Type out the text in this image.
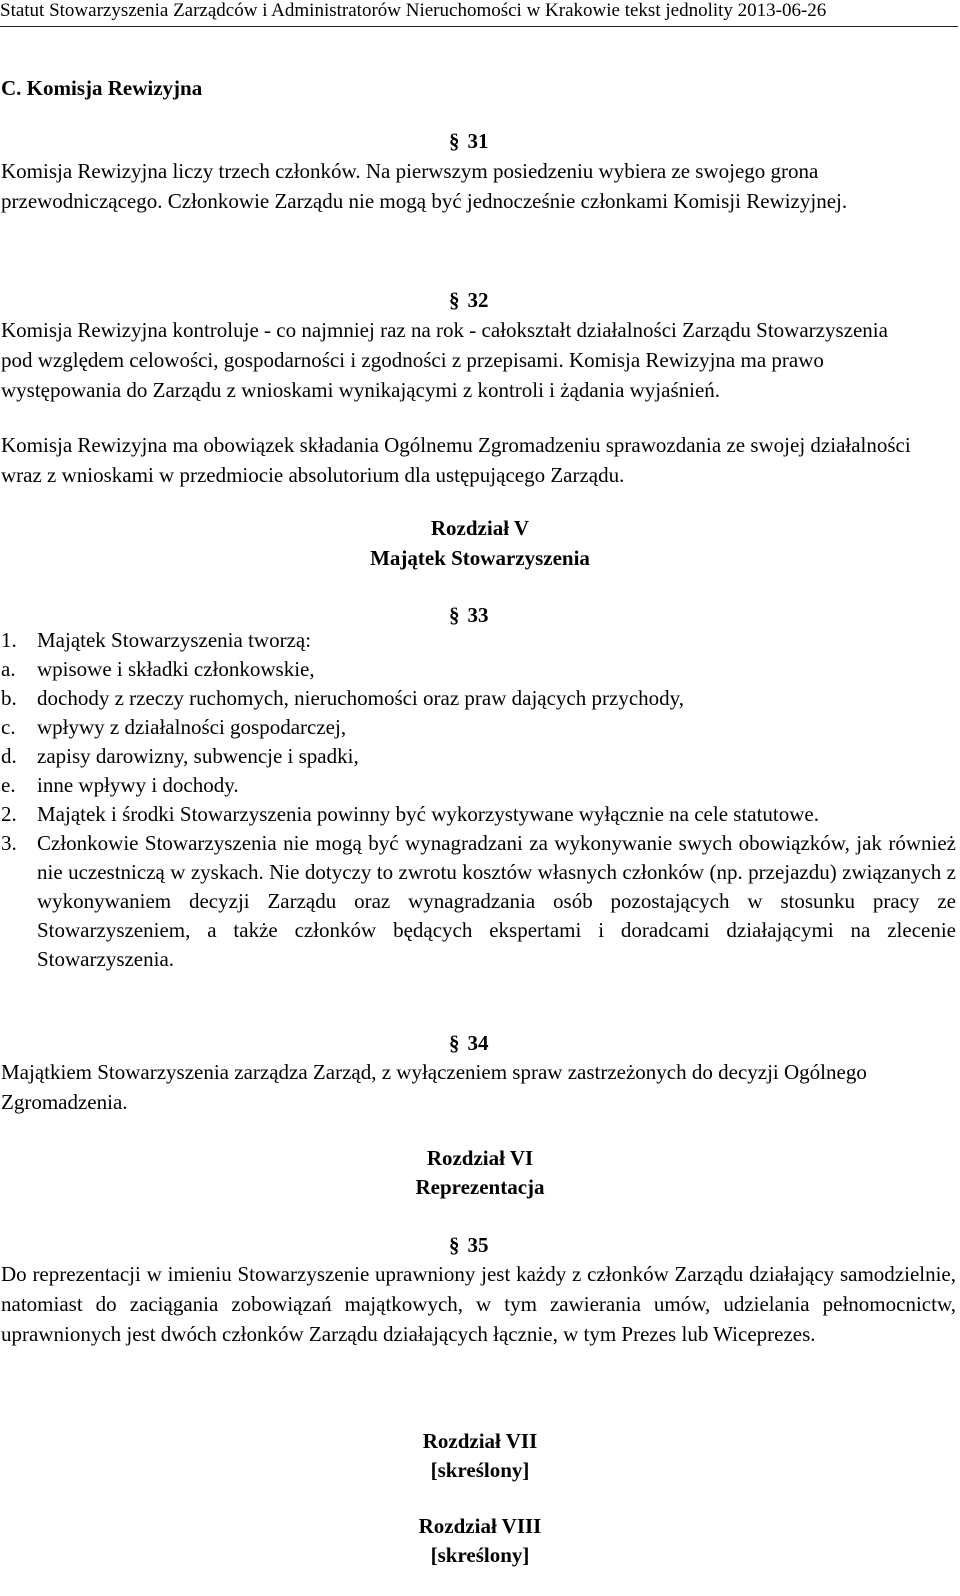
Statut Stowarzyszenia Zarządców i Administratorów Nieruchomości w Krakowie tekst jednolity 2013-06-26
C. Komisja Rewizyjna
§ 31

Komisja Rewizyjna liczy trzech członków. Na pierwszym posiedzeniu wybiera ze swojego grona przewodniczącego. Członkowie Zarządu nie mogą być jednocześnie członkami Komisji Rewizyjnej.

§ 32

Komisja Rewizyjna kontroluje - co najmniej raz na rok - całokształt działalności Zarządu Stowarzyszenia pod względem celowości, gospodarności i zgodności z przepisami. Komisja Rewizyjna ma prawo występowania do Zarządu z wnioskami wynikającymi z kontroli i żądania wyjaśnień.

Komisja Rewizyjna ma obowiązek składania Ogólnemu Zgromadzeniu sprawozdania ze swojej działalności wraz z wnioskami w przedmiocie absolutorium dla ustępującego Zarządu.

Rozdział V
Majątek Stowarzyszenia
§ 33
1. Majątek Stowarzyszenia tworzą:
a.	wpisowe i składki członkowskie,
b. dochody z rzeczy ruchomych, nieruchomości oraz praw dających przychody,
c.	wpływy z działalności gospodarczej,
d. zapisy darowizny, subwencje i spadki,
e.	inne wpływy i dochody.
2. Majątek i środki Stowarzyszenia powinny być wykorzystywane wyłącznie na cele statutowe.
3. Członkowie Stowarzyszenia nie mogą być wynagradzani za wykonywanie swych obowiązków, jak również nie uczestniczą w zyskach. Nie dotyczy to zwrotu kosztów własnych członków (np. przejazdu) związanych z wykonywaniem decyzji Zarządu oraz wynagradzania osób pozostających w stosunku pracy ze Stowarzyszeniem, a także członków będących ekspertami i doradcami działającymi na zlecenie Stowarzyszenia.
§ 34

Majątkiem Stowarzyszenia zarządza Zarząd, z wyłączeniem spraw zastrzeżonych do decyzji Ogólnego Zgromadzenia.

Rozdział VI
Reprezentacja
§ 35

Do reprezentacji w imieniu Stowarzyszenie uprawniony jest każdy z członków Zarządu działający samodzielnie, natomiast do zaciągania zobowiązań majątkowych, w tym zawierania umów, udzielania pełnomocnictw, uprawnionych jest dwóch członków Zarządu działających łącznie, w tym Prezes lub Wiceprezes.

Rozdział VII
[skreślony]
Rozdział VIII
[skreślony]
